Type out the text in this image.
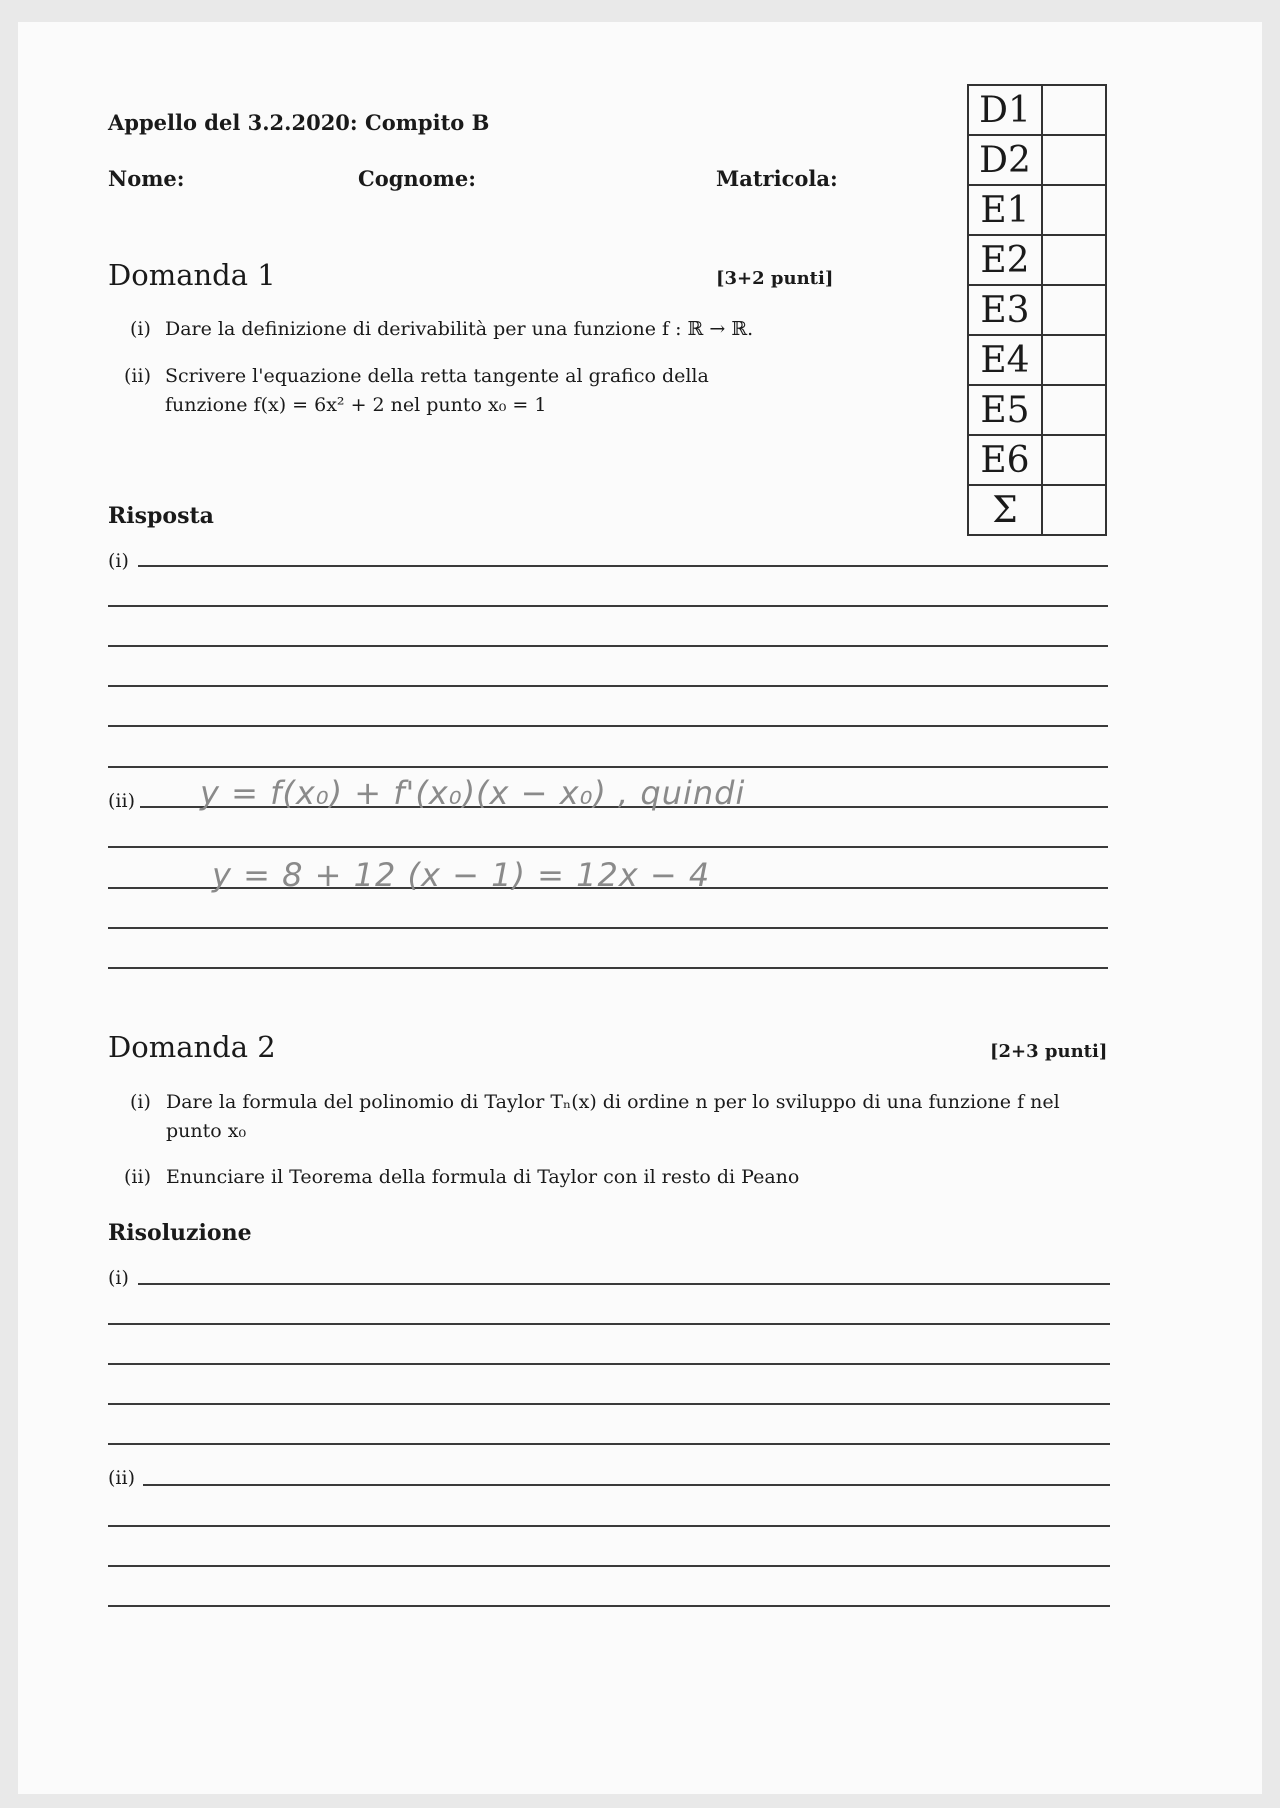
Appello del 3.2.2020: Compito B
Nome:	Cognome:	Matricola:
D1	
D2	
E1	
E2	
E3	
E4	
E5	
E6	
Σ	
Domanda 1	[3+2 punti]
(i) Dare la definizione di derivabilità per una funzione f : ℝ → ℝ.
(ii) Scrivere l'equazione della retta tangente al grafico della
funzione f(x) = 6x² + 2 nel punto x₀ = 1
Risposta
(i)
(ii) y = f(x₀) + f'(x₀)(x − x₀) , quindi
y = 8 + 12 (x − 1) = 12x − 4
Domanda 2	[2+3 punti]
(i) Dare la formula del polinomio di Taylor Tₙ(x) di ordine n per lo sviluppo di una funzione f nel
punto x₀
(ii) Enunciare il Teorema della formula di Taylor con il resto di Peano
Risoluzione
(i)
(ii)
